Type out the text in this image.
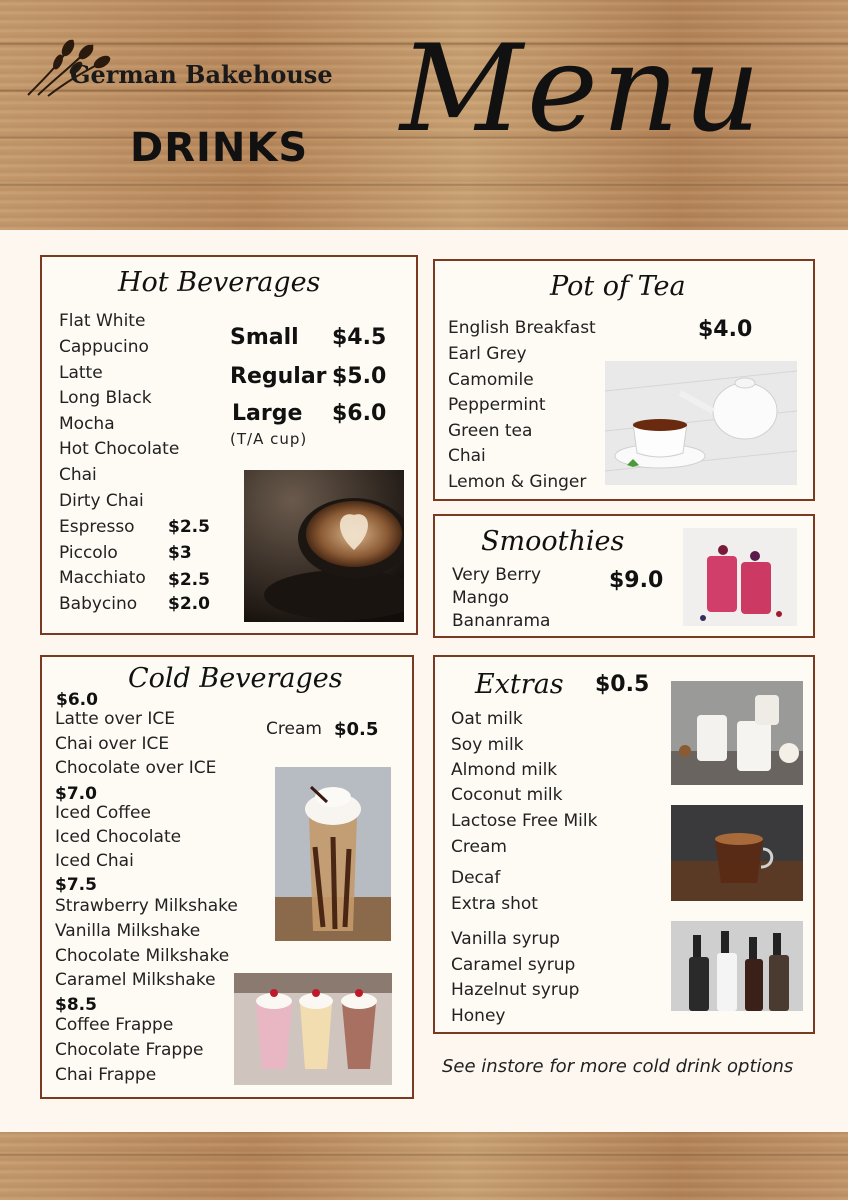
German Bakehouse
DRINKS Menu
Hot Beverages
Flat White
Cappucino
Latte
Long Black
Mocha
Hot Chocolate
Chai
Dirty Chai
Espresso
Piccolo
Macchiato
Babycino
$2.5
$3
$2.5
$2.0
Small $4.5
Regular $5.0
Large $6.0
(T/A cup)
Pot of Tea
$4.0
English Breakfast
Earl Grey
Camomile
Peppermint
Green tea
Chai
Lemon & Ginger
Smoothies
$9.0
Very Berry
Mango
Bananrama
Cold Beverages
Cream $0.5
$6.0
Latte over ICE
Chai over ICE
Chocolate over ICE
$7.0
Iced Coffee
Iced Chocolate
Iced Chai
$7.5
Strawberry Milkshake
Vanilla Milkshake
Chocolate Milkshake
Caramel Milkshake
$8.5
Coffee Frappe
Chocolate Frappe
Chai Frappe
Extras $0.5
Oat milk
Soy milk
Almond milk
Coconut milk
Lactose Free Milk
Cream
Decaf
Extra shot
Vanilla syrup
Caramel syrup
Hazelnut syrup
Honey
See instore for more cold drink options
